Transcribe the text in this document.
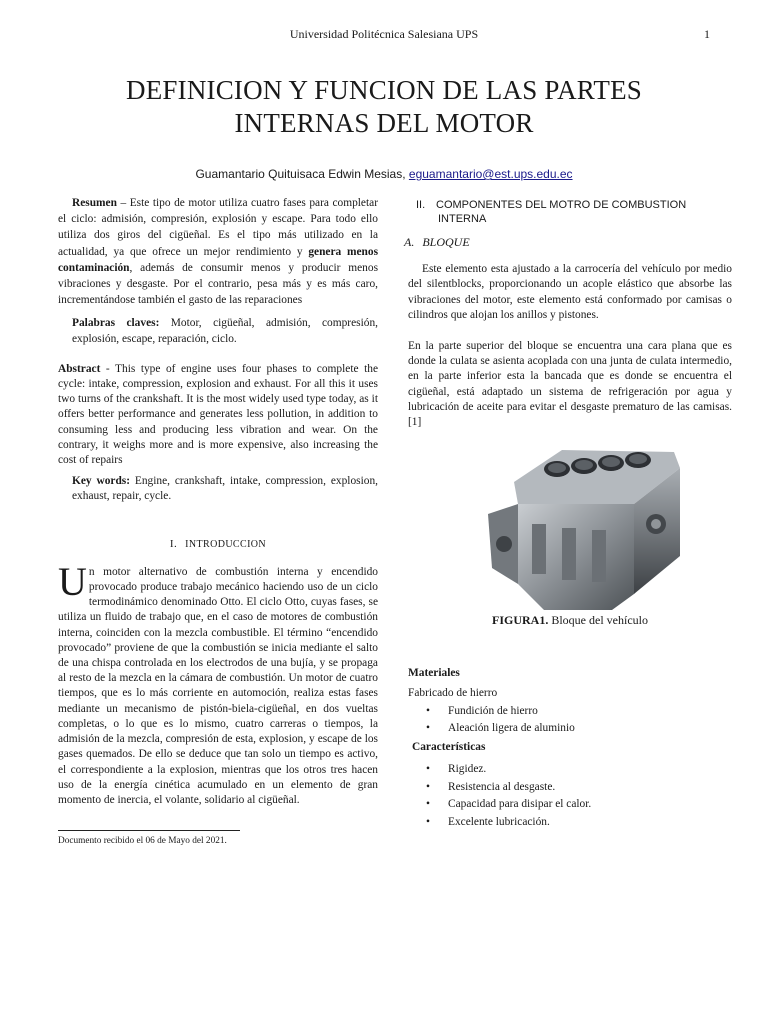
Universidad Politécnica Salesiana UPS	1
DEFINICION Y FUNCION DE LAS PARTES
INTERNAS DEL MOTOR
Guamantario Quituisaca Edwin Mesias, eguamantario@est.ups.edu.ec

Resumen – Este tipo de motor utiliza cuatro fases para completar el ciclo: admisión, compresión, explosión y escape. Para todo ello utiliza dos giros del cigüeñal. Es el tipo más utilizado en la actualidad, ya que ofrece un mejor rendimiento y genera menos contaminación, además de consumir menos y producir menos vibraciones y desgaste. Por el contrario, pesa más y es más caro, incrementándose también el gasto de las reparaciones

Palabras claves: Motor, cigüeñal, admisión, compresión, explosión, escape, reparación, ciclo.

Abstract - This type of engine uses four phases to complete the cycle: intake, compression, explosion and exhaust. For all this it uses two turns of the crankshaft. It is the most widely used type today, as it offers better performance and generates less pollution, in addition to consuming less and producing less vibration and wear. On the contrary, it weighs more and is more expensive, also increasing the cost of repairs

Key words: Engine, crankshaft, intake, compression, explosion, exhaust, repair, cycle.

I. INTRODUCCION

Un motor alternativo de combustión interna y encendido provocado produce trabajo mecánico haciendo uso de un ciclo termodinámico denominado Otto. El ciclo Otto, cuyas fases, se utiliza un fluido de trabajo que, en el caso de motores de combustión interna, coinciden con la mezcla combustible. El término “encendido provocado” proviene de que la combustión se inicia mediante el salto de una chispa controlada en los electrodos de una bujía, y se propaga al resto de la mezcla en la cámara de combustión. Un motor de cuatro tiempos, que es lo más corriente en automoción, realiza estas fases mediante un mecanismo de pistón-biela-cigüeñal, en dos vueltas completas, o lo que es lo mismo, cuatro carreras o tiempos, la admisión de la mezcla, compresión de esta, explosion, y escape de los gases quemados. De ello se deduce que tan solo un tiempo es activo, el correspondiente a la explosion, mientras que los otros tres hacen uso de la energía cinética acumulado en un elemento de gran momento de inercia, el volante, solidario al cigüeñal.

Documento recibido el 06 de Mayo del 2021.
II. COMPONENTES DEL MOTRO DE COMBUSTION INTERNA
A. BLOQUE

Este elemento esta ajustado a la carrocería del vehículo por medio del silentblocks, proporcionando un acople elástico que absorbe las vibraciones del motor, este elemento está conformado por camisas o cilindros que alojan los anillos y pistones.

En la parte superior del bloque se encuentra una cara plana que es donde la culata se asienta acoplada con una junta de culata intermedio, en la parte inferior esta la bancada que es donde se encuentra el cigüeñal, está adaptado un sistema de refrigeración por agua y lubricación de aceite para evitar el desgaste prematuro de las camisas. [1]

FIGURA1. Bloque del vehículo
Materiales
Fabricado de hierro
• Fundición de hierro
• Aleación ligera de aluminio
Características
• Rigidez.
• Resistencia al desgaste.
• Capacidad para disipar el calor.
• Excelente lubricación.
